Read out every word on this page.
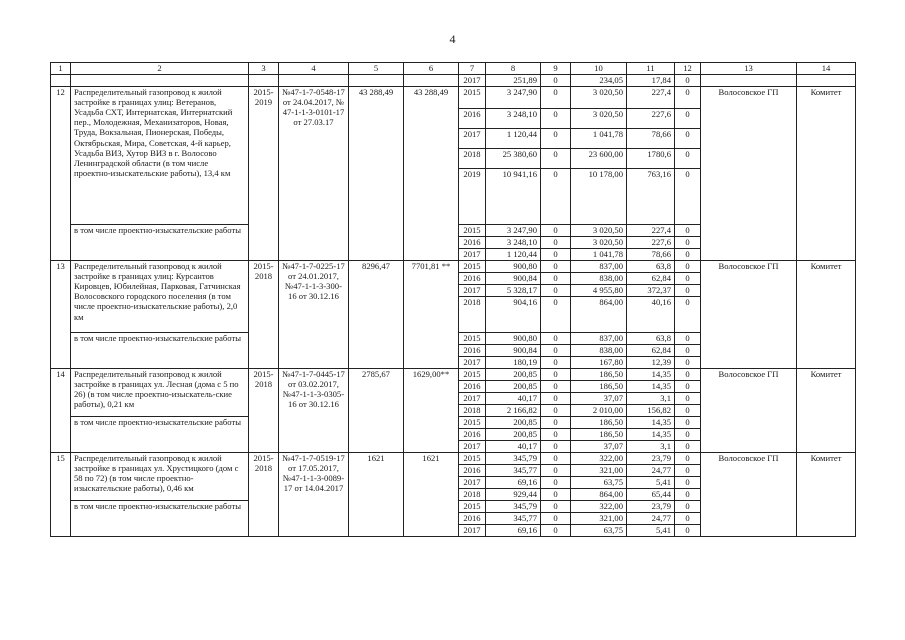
4
1	2	3	4	5	6	7	8	9	10	11	12	13	14
						2017	251,89	0	234,05	17,84	0		
12	Распределительный газопровод к жилой застройке в границах улиц: Ветеранов, Усадьба СХТ, Интернатская, Интернатский пер., Молодежная, Механизаторов, Новая, Труда, Вокзальная, Пионерская, Победы, Октябрьская, Мира, Советская, 4-й карьер, Усадьба ВИЗ, Хутор ВИЗ в г. Волосово Ленинградской области (в том числе проектно-изыскательские работы), 13,4 км	2015-2019	№47-1-7-0548-17 от 24.04.2017, № 47-1-1-3-0101-17 от 27.03.17	43 288,49	43 288,49	2015	3 247,90	0	3 020,50	227,4	0	Волосовское ГП	Комитет
						2016	3 248,10	0	3 020,50	227,6	0		
						2017	1 120,44	0	1 041,78	78,66	0		
						2018	25 380,60	0	23 600,00	1780,6	0		
						2019	10 941,16	0	10 178,00	763,16	0		
	в том числе проектно-изыскательские работы					2015	3 247,90	0	3 020,50	227,4	0		
						2016	3 248,10	0	3 020,50	227,6	0		
						2017	1 120,44	0	1 041,78	78,66	0		
13	Распределительный газопровод к жилой застройке в границах улиц: Курсантов Кировцев, Юбилейная, Парковая, Гатчинская Волосовского городского поселения (в том числе проектно-изыскательские работы), 2,0 км	2015-2018	№47-1-7-0225-17 от 24.01.2017, №47-1-1-3-300-16 от 30.12.16	8296,47	7701,81 **	2015	900,80	0	837,00	63,8	0	Волосовское ГП	Комитет
						2016	900,84	0	838,00	62,84	0		
						2017	5 328,17	0	4 955,80	372,37	0		
						2018	904,16	0	864,00	40,16	0		
	в том числе проектно-изыскательские работы					2015	900,80	0	837,00	63,8	0		
						2016	900,84	0	838,00	62,84	0		
						2017	180,19	0	167,80	12,39	0		
14	Распределительный газопровод к жилой застройке в границах ул. Лесная (дома с 5 по 26) (в том числе проектно-изыскатель-ские работы), 0,21 км	2015-2018	№47-1-7-0445-17 от 03.02.2017, №47-1-1-3-0305-16 от 30.12.16	2785,67	1629,00**	2015	200,85	0	186,50	14,35	0	Волосовское ГП	Комитет
						2016	200,85	0	186,50	14,35	0		
						2017	40,17	0	37,07	3,1	0		
						2018	2 166,82	0	2 010,00	156,82	0		
	в том числе проектно-изыскательские работы					2015	200,85	0	186,50	14,35	0		
						2016	200,85	0	186,50	14,35	0		
						2017	40,17	0	37,07	3,1	0		
15	Распределительный газопровод к жилой застройке в границах ул. Хрустицкого (дом с 58 по 72) (в том числе проектно-изыскательские работы), 0,46 км	2015-2018	№47-1-7-0519-17 от 17.05.2017, №47-1-1-3-0089-17 от 14.04.2017	1621	1621	2015	345,79	0	322,00	23,79	0	Волосовское ГП	Комитет
						2016	345,77	0	321,00	24,77	0		
						2017	69,16	0	63,75	5,41	0		
						2018	929,44	0	864,00	65,44	0		
	в том числе проектно-изыскательские работы					2015	345,79	0	322,00	23,79	0		
						2016	345,77	0	321,00	24,77	0		
						2017	69,16	0	63,75	5,41	0		
